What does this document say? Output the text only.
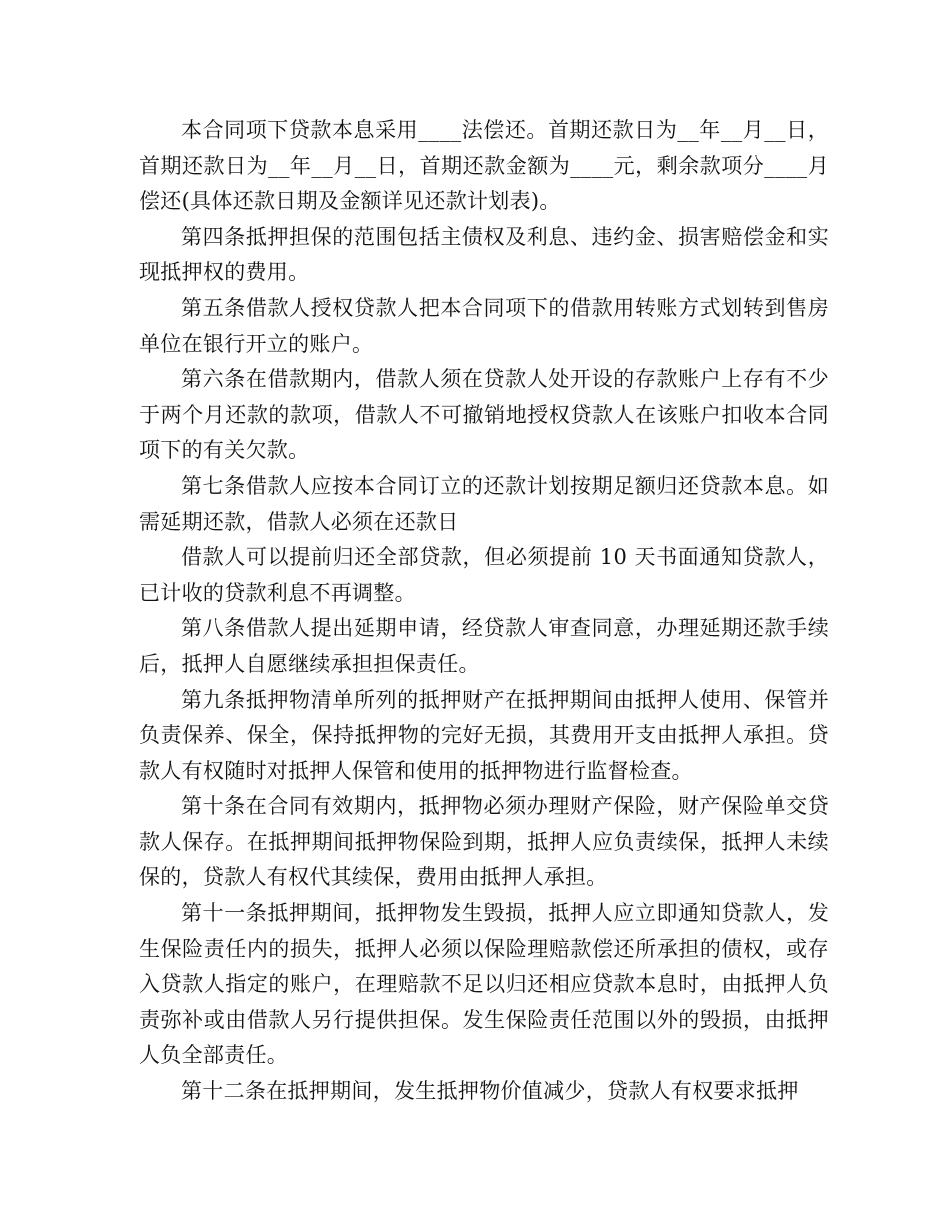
本合同项下贷款本息采用____法偿还。首期还款日为__年__月__日，首期还款日为__年__月__日，首期还款金额为____元，剩余款项分____月偿还(具体还款日期及金额详见还款计划表)。

第四条抵押担保的范围包括主债权及利息、违约金、损害赔偿金和实现抵押权的费用。

第五条借款人授权贷款人把本合同项下的借款用转账方式划转到售房单位在银行开立的账户。

第六条在借款期内，借款人须在贷款人处开设的存款账户上存有不少于两个月还款的款项，借款人不可撤销地授权贷款人在该账户扣收本合同项下的有关欠款。

第七条借款人应按本合同订立的还款计划按期足额归还贷款本息。如需延期还款，借款人必须在还款日

借款人可以提前归还全部贷款，但必须提前 10 天书面通知贷款人，已计收的贷款利息不再调整。

第八条借款人提出延期申请，经贷款人审查同意，办理延期还款手续后，抵押人自愿继续承担担保责任。

第九条抵押物清单所列的抵押财产在抵押期间由抵押人使用、保管并负责保养、保全，保持抵押物的完好无损，其费用开支由抵押人承担。贷款人有权随时对抵押人保管和使用的抵押物进行监督检查。

第十条在合同有效期内，抵押物必须办理财产保险，财产保险单交贷款人保存。在抵押期间抵押物保险到期，抵押人应负责续保，抵押人未续保的，贷款人有权代其续保，费用由抵押人承担。

第十一条抵押期间，抵押物发生毁损，抵押人应立即通知贷款人，发生保险责任内的损失，抵押人必须以保险理赔款偿还所承担的债权，或存入贷款人指定的账户，在理赔款不足以归还相应贷款本息时，由抵押人负责弥补或由借款人另行提供担保。发生保险责任范围以外的毁损，由抵押人负全部责任。

第十二条在抵押期间，发生抵押物价值减少，贷款人有权要求抵押
